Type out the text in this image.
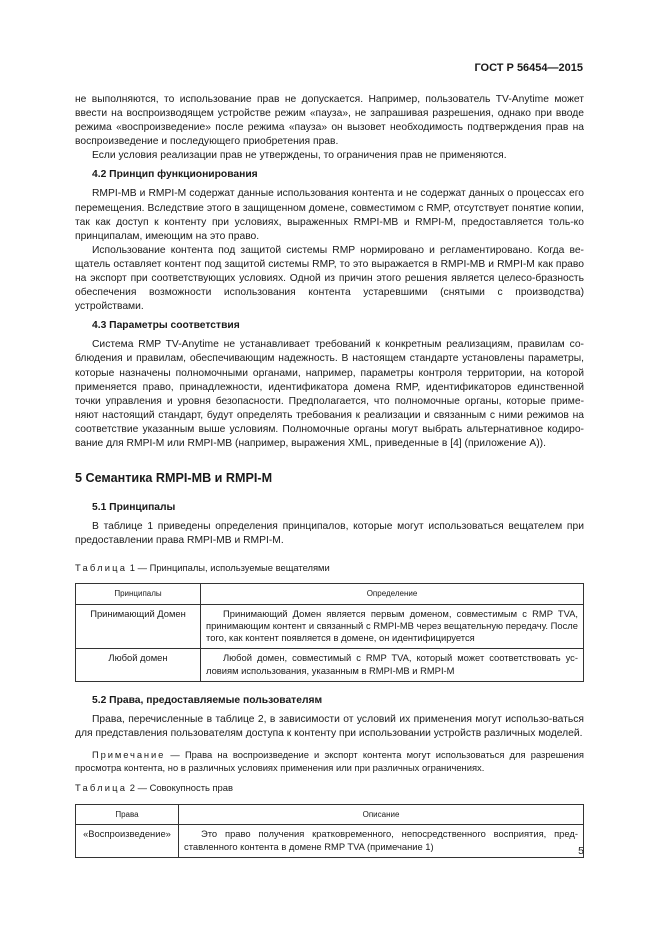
ГОСТ Р 56454—2015

не выполняются, то использование прав не допускается. Например, пользователь TV-Anytime может ввести на воспроизводящем устройстве режим «пауза», не запрашивая разрешения, однако при вводе режима «воспроизведение» после режима «пауза» он вызовет необходимость подтверждения прав на воспроизведение и последующего приобретения прав.

Если условия реализации прав не утверждены, то ограничения прав не применяются.

4.2 Принцип функционирования

RMPI-MB и RMPI-M содержат данные использования контента и не содержат данных о процессах его перемещения. Вследствие этого в защищенном домене, совместимом с RMP, отсутствует понятие копии, так как доступ к контенту при условиях, выраженных RMPI-MB и RMPI-M, предоставляется толь-ко принципалам, имеющим на это право.

Использование контента под защитой системы RMP нормировано и регламентировано. Когда ве-щатель оставляет контент под защитой системы RMP, то это выражается в RMPI-MB и RMPI-M как право на экспорт при соответствующих условиях. Одной из причин этого решения является целесо-бразность обеспечения возможности использования контента устаревшими (снятыми с производства) устройствами.

4.3 Параметры соответствия

Система RMP TV-Anytime не устанавливает требований к конкретным реализациям, правилам со-блюдения и правилам, обеспечивающим надежность. В настоящем стандарте установлены параметры, которые назначены полномочными органами, например, параметры контроля территории, на которой применяется право, принадлежности, идентификатора домена RMP, идентификаторов единственной точки управления и уровня безопасности. Предполагается, что полномочные органы, которые приме-няют настоящий стандарт, будут определять требования к реализации и связанным с ними режимов на соответствие указанным выше условиям. Полномочные органы могут выбрать альтернативное кодиро-вание для RMPI-M или RMPI-MB (например, выражения XML, приведенные в [4] (приложение А)).

5 Семантика RMPI-MB и RMPI-M
5.1 Принципалы

В таблице 1 приведены определения принципалов, которые могут использоваться вещателем при предоставлении права RMPI-MB и RMPI-M.

Таблица 1 — Принципалы, используемые вещателями
Принципалы	Определение
Принимающий Домен	Принимающий Домен является первым доменом, совместимым с RMP TVA, принимающим контент и связанный с RMPI-MB через вещательную передачу. После того, как контент появляется в домене, он идентифицируется

Любой домен	Любой домен, совместимый с RMP TVA, который может соответствовать ус-ловиям использования, указанным в RMPI-MB и RMPI-M

5.2 Права, предоставляемые пользователям

Права, перечисленные в таблице 2, в зависимости от условий их применения могут использо-ваться для представления пользователям доступа к контенту при использовании устройств различных моделей.

Примечание — Права на воспроизведение и экспорт контента могут использоваться для разрешения просмотра контента, но в различных условиях применения или при различных ограничениях.

Таблица 2 — Совокупность прав
Права	Описание
«Воспроизведение»	Это право получения кратковременного, непосредственного восприятия, пред-ставленного контента в домене RMP TVA (примечание 1)	5
